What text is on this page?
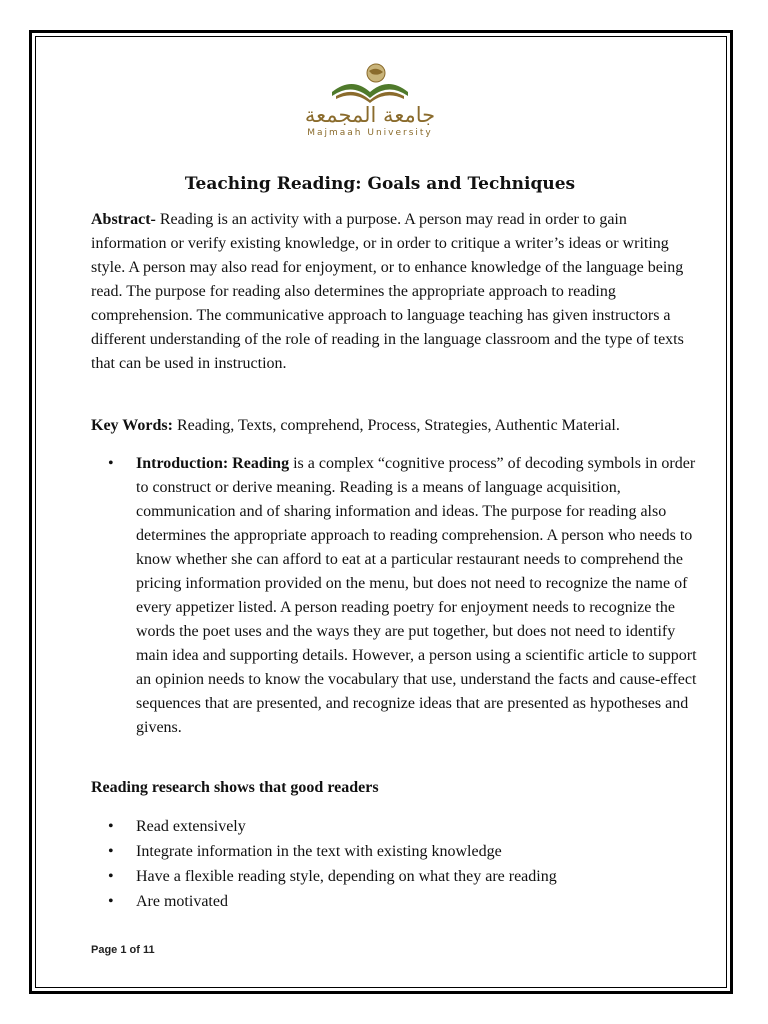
جامعة المجمعة
Majmaah University
Teaching Reading: Goals and Techniques
Abstract- Reading is an activity with a purpose. A person may read in order to gain information or verify existing knowledge, or in order to critique a writer’s ideas or writing style. A person may also read for enjoyment, or to enhance knowledge of the language being read. The purpose for reading also determines the appropriate approach to reading comprehension. The communicative approach to language teaching has given instructors a different understanding of the role of reading in the language classroom and the type of texts that can be used in instruction.
Key Words: Reading, Texts, comprehend, Process, Strategies, Authentic Material.
• Introduction: Reading is a complex “cognitive process” of decoding symbols in order to construct or derive meaning. Reading is a means of language acquisition, communication and of sharing information and ideas. The purpose for reading also determines the appropriate approach to reading comprehension. A person who needs to know whether she can afford to eat at a particular restaurant needs to comprehend the pricing information provided on the menu, but does not need to recognize the name of every appetizer listed. A person reading poetry for enjoyment needs to recognize the words the poet uses and the ways they are put together, but does not need to identify main idea and supporting details. However, a person using a scientific article to support an opinion needs to know the vocabulary that use, understand the facts and cause-effect sequences that are presented, and recognize ideas that are presented as hypotheses and givens.
Reading research shows that good readers
• Read extensively
• Integrate information in the text with existing knowledge
• Have a flexible reading style, depending on what they are reading
• Are motivated
Page 1 of 11
